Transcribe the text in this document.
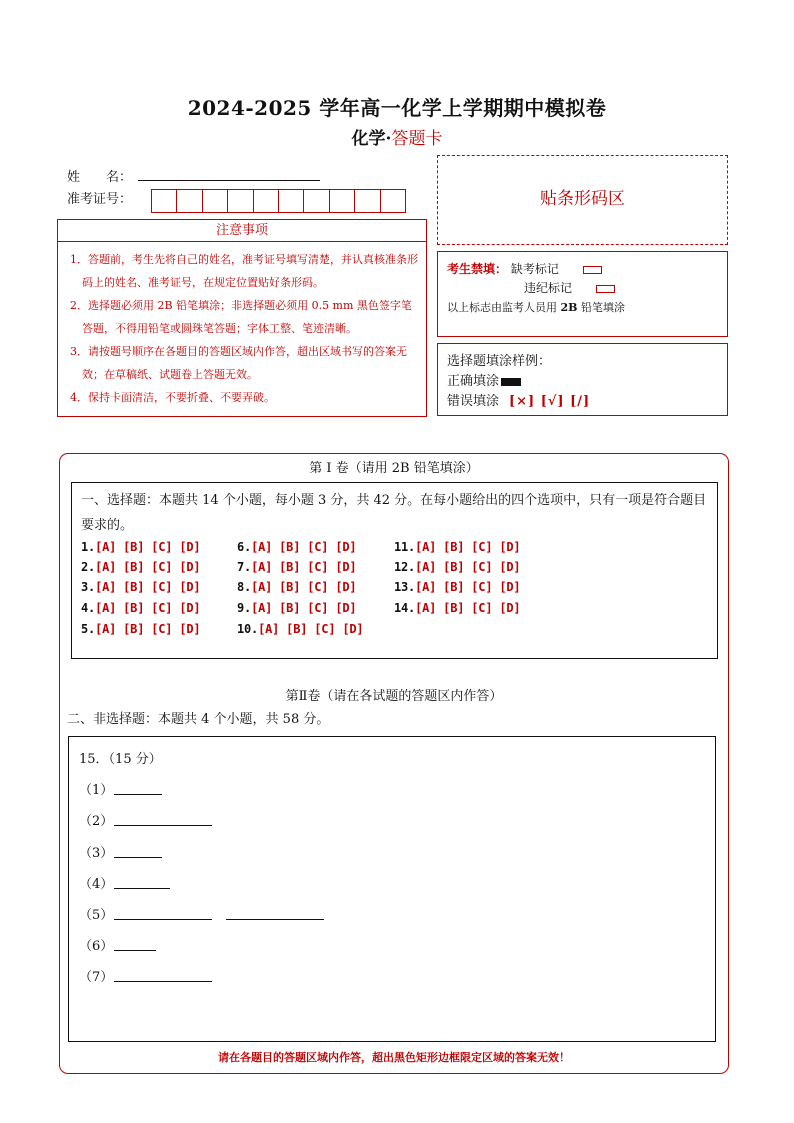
2024-2025 学年高一化学上学期期中模拟卷
化学·答题卡
姓　　名：
准考证号：
注意事项

1．答题前，考生先将自己的姓名，准考证号填写清楚，并认真核准条形码上的姓名、准考证号，在规定位置贴好条形码。

2．选择题必须用 2B 铅笔填涂；非选择题必须用 0.5 mm 黑色签字笔答题，不得用铅笔或圆珠笔答题；字体工整、笔迹清晰。

3．请按题号顺序在各题目的答题区域内作答，超出区域书写的答案无效；在草稿纸、试题卷上答题无效。

4．保持卡面清洁，不要折叠、不要弄破。

贴条形码区
考生禁填： 缺考标记
违纪标记
以上标志由监考人员用 2B 铅笔填涂
选择题填涂样例：
正确填涂
错误填涂 [×] [√] [/]
第 I 卷（请用 2B 铅笔填涂）
一、选择题：本题共 14 个小题，每小题 3 分，共 42 分。在每小题给出的四个选项中，只有一项是符合题目要求的。
1.[A] [B] [C] [D]
2.[A] [B] [C] [D]
3.[A] [B] [C] [D]
4.[A] [B] [C] [D]
5.[A] [B] [C] [D]
6.[A] [B] [C] [D]
7.[A] [B] [C] [D]
8.[A] [B] [C] [D]
9.[A] [B] [C] [D]
10.[A] [B] [C] [D]
11.[A] [B] [C] [D]
12.[A] [B] [C] [D]
13.[A] [B] [C] [D]
14.[A] [B] [C] [D]
第Ⅱ卷（请在各试题的答题区内作答）
二、非选择题：本题共 4 个小题，共 58 分。
15．（15 分）
（1）
（2）
（3）
（4）
（5）
（6）
（7）
请在各题目的答题区域内作答，超出黑色矩形边框限定区域的答案无效！
